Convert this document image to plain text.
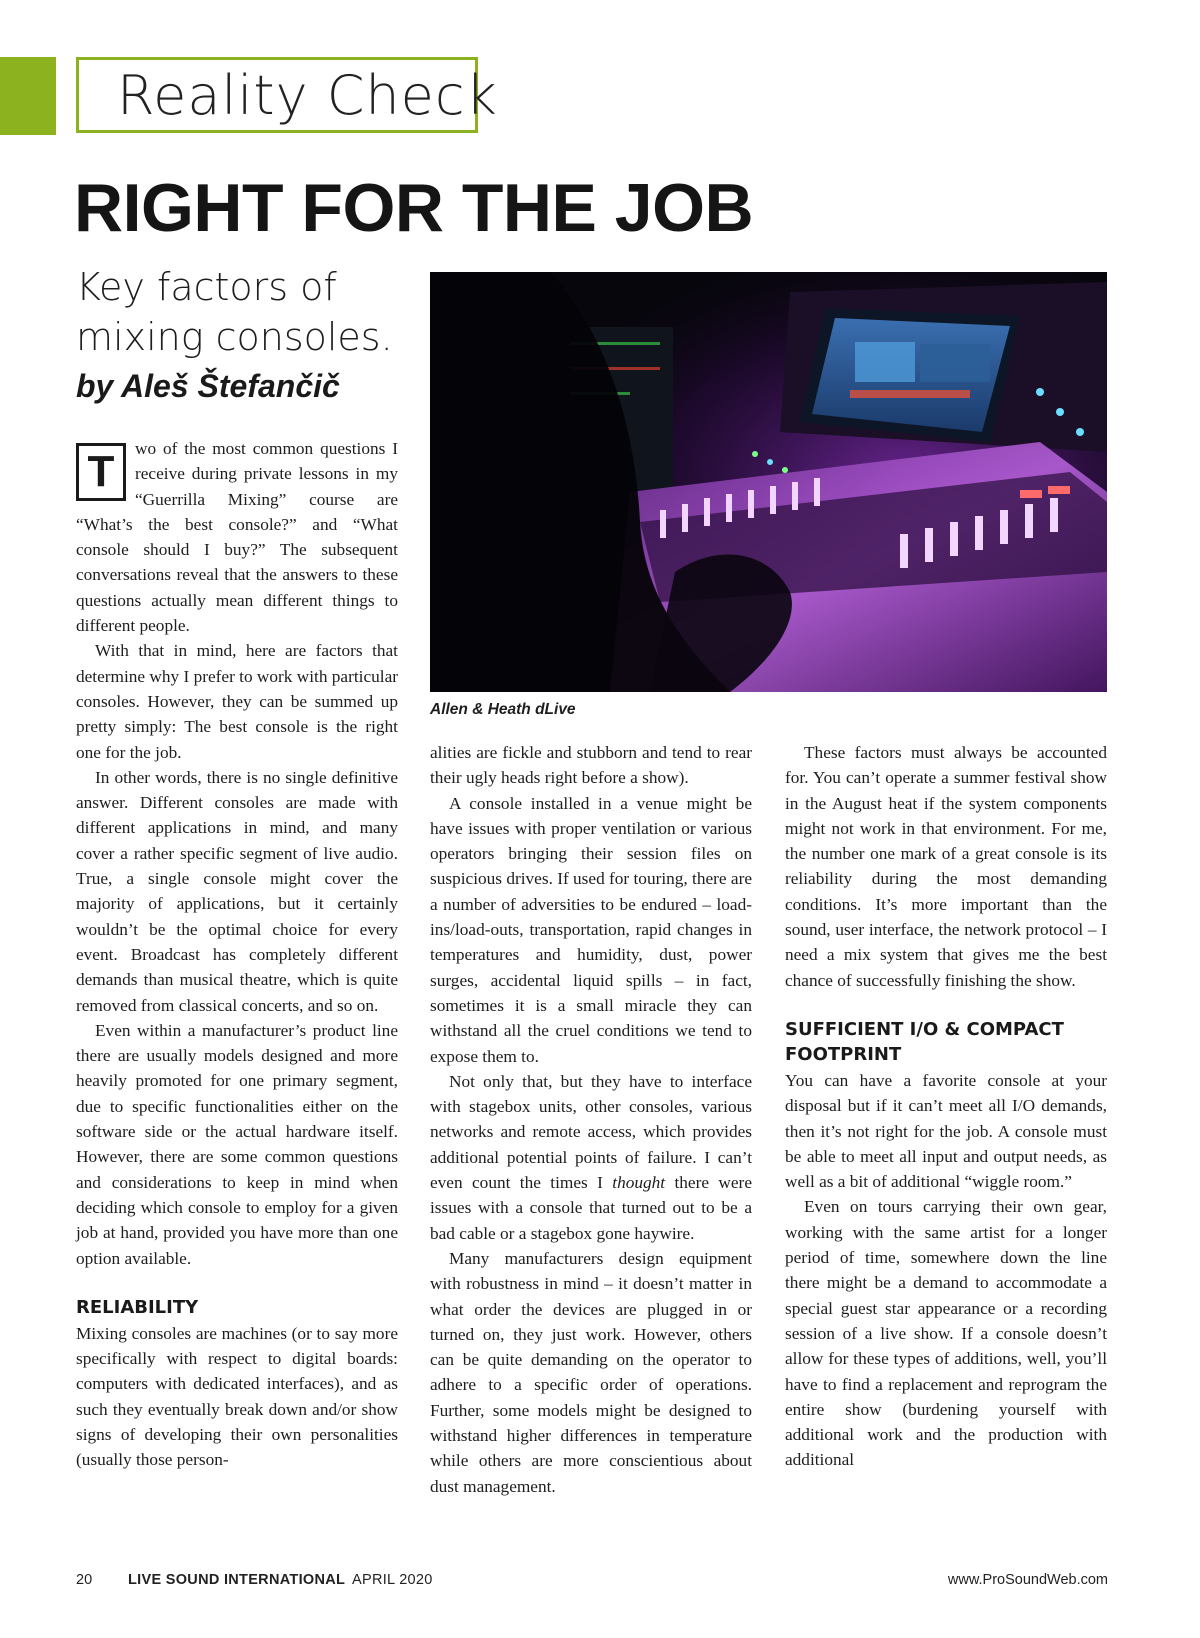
Reality Check
RIGHT FOR THE JOB
Key factors of mixing consoles.
by Aleš Štefančič
Allen & Heath dLive

T	wo of the most common questions I receive during private lessons in my “Guerrilla Mixing” course are “What’s the best console?” and “What console should I buy?” The subsequent conversations reveal that the answers to these questions actually mean different things to different people.

With that in mind, here are factors that determine why I prefer to work with particular consoles. However, they can be summed up pretty simply: The best console is the right one for the job.

In other words, there is no single definitive answer. Different consoles are made with different applications in mind, and many cover a rather specific segment of live audio. True, a single console might cover the majority of applications, but it certainly wouldn’t be the optimal choice for every event. Broadcast has completely different demands than musical theatre, which is quite removed from classical concerts, and so on.

Even within a manufacturer’s product line there are usually models designed and more heavily promoted for one primary segment, due to specific functionalities either on the software side or the actual hardware itself. However, there are some common questions and considerations to keep in mind when deciding which console to employ for a given job at hand, provided you have more than one option available.

RELIABILITY

Mixing consoles are machines (or to say more specifically with respect to digital boards: computers with dedicated interfaces), and as such they eventually break down and/or show signs of developing their own personalities (usually those person-

alities are fickle and stubborn and tend to rear their ugly heads right before a show).

A console installed in a venue might be have issues with proper ventilation or various operators bringing their session files on suspicious drives. If used for touring, there are a number of adversities to be endured – load-ins/load-outs, transportation, rapid changes in temperatures and humidity, dust, power surges, accidental liquid spills – in fact, sometimes it is a small miracle they can withstand all the cruel conditions we tend to expose them to.

Not only that, but they have to interface with stagebox units, other consoles, various networks and remote access, which provides additional potential points of failure. I can’t even count the times I thought there were issues with a console that turned out to be a bad cable or a stagebox gone haywire.

Many manufacturers design equipment with robustness in mind – it doesn’t matter in what order the devices are plugged in or turned on, they just work. However, others can be quite demanding on the operator to adhere to a specific order of operations. Further, some models might be designed to withstand higher differences in temperature while others are more conscientious about dust management.

These factors must always be accounted for. You can’t operate a summer festival show in the August heat if the system components might not work in that environment. For me, the number one mark of a great console is its reliability during the most demanding conditions. It’s more important than the sound, user interface, the network protocol – I need a mix system that gives me the best chance of successfully finishing the show.

SUFFICIENT I/O & COMPACT FOOTPRINT

You can have a favorite console at your disposal but if it can’t meet all I/O demands, then it’s not right for the job. A console must be able to meet all input and output needs, as well as a bit of additional “wiggle room.”

Even on tours carrying their own gear, working with the same artist for a longer period of time, somewhere down the line there might be a demand to accommodate a special guest star appearance or a recording session of a live show. If a console doesn’t allow for these types of additions, well, you’ll have to find a replacement and reprogram the entire show (burdening yourself with additional work and the production with additional

20 LIVE SOUND INTERNATIONAL APRIL 2020	www.ProSoundWeb.com
